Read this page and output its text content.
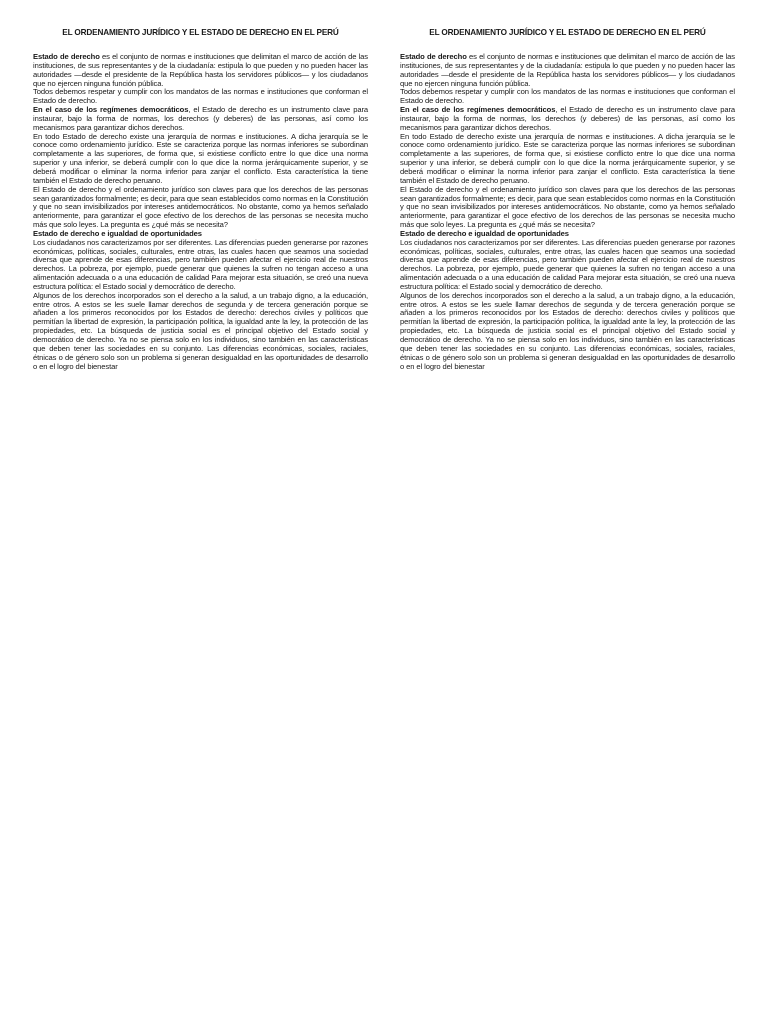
EL ORDENAMIENTO JURÍDICO Y EL ESTADO DE DERECHO EN EL PERÚ

Estado de derecho es el conjunto de normas e instituciones que delimitan el marco de acción de las instituciones, de sus representantes y de la ciudadanía: estipula lo que pueden y no pueden hacer las autoridades —desde el presidente de la República hasta los servidores públicos— y los ciudadanos que no ejercen ninguna función pública.

Todos debemos respetar y cumplir con los mandatos de las normas e instituciones que conforman el Estado de derecho.

En el caso de los regímenes democráticos, el Estado de derecho es un instrumento clave para instaurar, bajo la forma de normas, los derechos (y deberes) de las personas, así como los mecanismos para garantizar dichos derechos.

En todo Estado de derecho existe una jerarquía de normas e instituciones. A dicha jerarquía se le conoce como ordenamiento jurídico. Este se caracteriza porque las normas inferiores se subordinan completamente a las superiores, de forma que, si existiese conflicto entre lo que dice una norma superior y una inferior, se deberá cumplir con lo que dice la norma jerárquicamente superior, y se deberá modificar o eliminar la norma inferior para zanjar el conflicto. Esta característica la tiene también el Estado de derecho peruano.

El Estado de derecho y el ordenamiento jurídico son claves para que los derechos de las personas sean garantizados formalmente; es decir, para que sean establecidos como normas en la Constitución y que no sean invisibilizados por intereses antidemocráticos. No obstante, como ya hemos señalado anteriormente, para garantizar el goce efectivo de los derechos de las personas se necesita mucho más que solo leyes. La pregunta es ¿qué más se necesita?

Estado de derecho e igualdad de oportunidades

Los ciudadanos nos caracterizamos por ser diferentes. Las diferencias pueden generarse por razones económicas, políticas, sociales, culturales, entre otras, las cuales hacen que seamos una sociedad diversa que aprende de esas diferencias, pero también pueden afectar el ejercicio real de nuestros derechos. La pobreza, por ejemplo, puede generar que quienes la sufren no tengan acceso a una alimentación adecuada o a una educación de calidad Para mejorar esta situación, se creó una nueva estructura política: el Estado social y democrático de derecho.

Algunos de los derechos incorporados son el derecho a la salud, a un trabajo digno, a la educación, entre otros. A estos se les suele llamar derechos de segunda y de tercera generación porque se añaden a los primeros reconocidos por los Estados de derecho: derechos civiles y políticos que permitían la libertad de expresión, la participación política, la igualdad ante la ley, la protección de las propiedades, etc. La búsqueda de justicia social es el principal objetivo del Estado social y democrático de derecho. Ya no se piensa solo en los individuos, sino también en las características que deben tener las sociedades en su conjunto. Las diferencias económicas, sociales, raciales, étnicas o de género solo son un problema si generan desigualdad en las oportunidades de desarrollo o en el logro del bienestar

EL ORDENAMIENTO JURÍDICO Y EL ESTADO DE DERECHO EN EL PERÚ

Estado de derecho es el conjunto de normas e instituciones que delimitan el marco de acción de las instituciones, de sus representantes y de la ciudadanía: estipula lo que pueden y no pueden hacer las autoridades —desde el presidente de la República hasta los servidores públicos— y los ciudadanos que no ejercen ninguna función pública.

Todos debemos respetar y cumplir con los mandatos de las normas e instituciones que conforman el Estado de derecho.

En el caso de los regímenes democráticos, el Estado de derecho es un instrumento clave para instaurar, bajo la forma de normas, los derechos (y deberes) de las personas, así como los mecanismos para garantizar dichos derechos.

En todo Estado de derecho existe una jerarquía de normas e instituciones. A dicha jerarquía se le conoce como ordenamiento jurídico. Este se caracteriza porque las normas inferiores se subordinan completamente a las superiores, de forma que, si existiese conflicto entre lo que dice una norma superior y una inferior, se deberá cumplir con lo que dice la norma jerárquicamente superior, y se deberá modificar o eliminar la norma inferior para zanjar el conflicto. Esta característica la tiene también el Estado de derecho peruano.

El Estado de derecho y el ordenamiento jurídico son claves para que los derechos de las personas sean garantizados formalmente; es decir, para que sean establecidos como normas en la Constitución y que no sean invisibilizados por intereses antidemocráticos. No obstante, como ya hemos señalado anteriormente, para garantizar el goce efectivo de los derechos de las personas se necesita mucho más que solo leyes. La pregunta es ¿qué más se necesita?

Estado de derecho e igualdad de oportunidades

Los ciudadanos nos caracterizamos por ser diferentes. Las diferencias pueden generarse por razones económicas, políticas, sociales, culturales, entre otras, las cuales hacen que seamos una sociedad diversa que aprende de esas diferencias, pero también pueden afectar el ejercicio real de nuestros derechos. La pobreza, por ejemplo, puede generar que quienes la sufren no tengan acceso a una alimentación adecuada o a una educación de calidad Para mejorar esta situación, se creó una nueva estructura política: el Estado social y democrático de derecho.

Algunos de los derechos incorporados son el derecho a la salud, a un trabajo digno, a la educación, entre otros. A estos se les suele llamar derechos de segunda y de tercera generación porque se añaden a los primeros reconocidos por los Estados de derecho: derechos civiles y políticos que permitían la libertad de expresión, la participación política, la igualdad ante la ley, la protección de las propiedades, etc. La búsqueda de justicia social es el principal objetivo del Estado social y democrático de derecho. Ya no se piensa solo en los individuos, sino también en las características que deben tener las sociedades en su conjunto. Las diferencias económicas, sociales, raciales, étnicas o de género solo son un problema si generan desigualdad en las oportunidades de desarrollo o en el logro del bienestar
